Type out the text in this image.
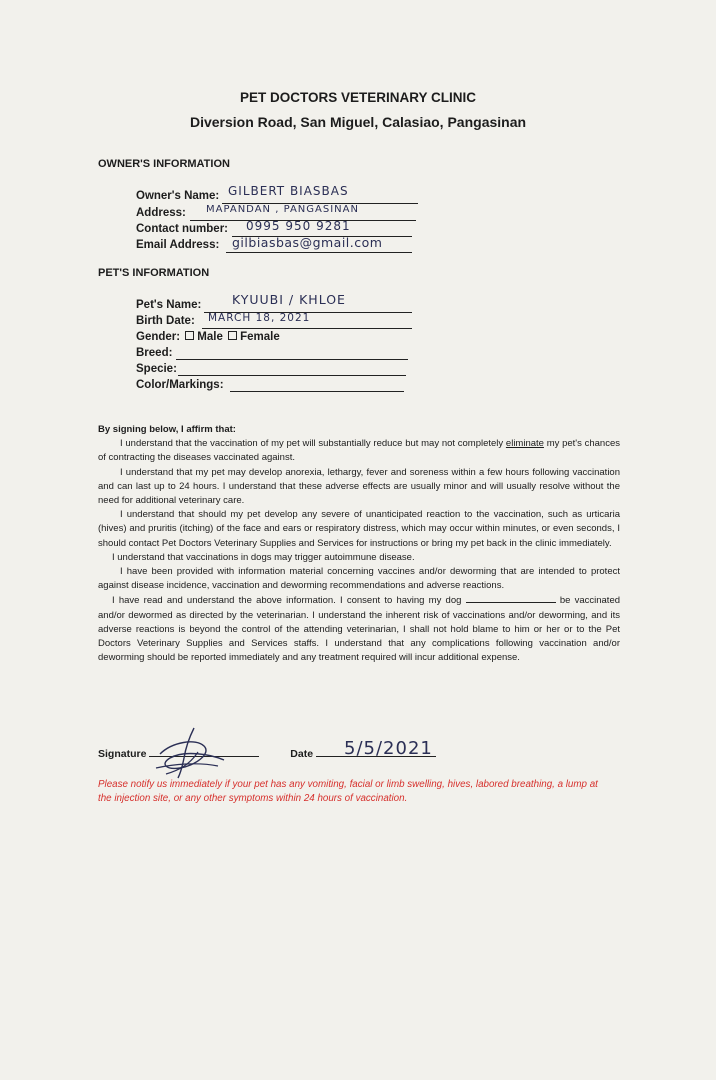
PET DOCTORS VETERINARY CLINIC
Diversion Road, San Miguel, Calasiao, Pangasinan
OWNER'S INFORMATION
Owner's Name: GILBERT BIASBAS
Address: MAPANDAN , PANGASINAN
Contact number: 0995 950 9281
Email Address: gilbiasbas@gmail.com
PET'S INFORMATION
Pet's Name: KYUUBI / KHLOE
Birth Date: MARCH 18, 2021
Gender: Male Female
Breed:
Specie:
Color/Markings:

By signing below, I affirm that:

I understand that the vaccination of my pet will substantially reduce but may not completely eliminate my pet's chances of contracting the diseases vaccinated against.

I understand that my pet may develop anorexia, lethargy, fever and soreness within a few hours following vaccination and can last up to 24 hours. I understand that these adverse effects are usually minor and will usually resolve without the need for additional veterinary care.

I understand that should my pet develop any severe of unanticipated reaction to the vaccination, such as urticaria (hives) and pruritis (itching) of the face and ears or respiratory distress, which may occur within minutes, or even seconds, I should contact Pet Doctors Veterinary Supplies and Services for instructions or bring my pet back in the clinic immediately.

I understand that vaccinations in dogs may trigger autoimmune disease.

I have been provided with information material concerning vaccines and/or deworming that are intended to protect against disease incidence, vaccination and deworming recommendations and adverse reactions.

I have read and understand the above information. I consent to having my dog	be vaccinated and/or dewormed as directed by the veterinarian. I understand the inherent risk of vaccinations and/or deworming, and its adverse reactions is beyond the control of the attending veterinarian, I shall not hold blame to him or her or to the Pet Doctors Veterinary Supplies and Services staffs. I understand that any complications following vaccination and/or deworming should be reported immediately and any treatment required will incur additional expense.

Signature	Date	5/5/2021
Please notify us immediately if your pet has any vomiting, facial or limb swelling, hives, labored breathing, a lump at the injection site, or any other symptoms within 24 hours of vaccination.
